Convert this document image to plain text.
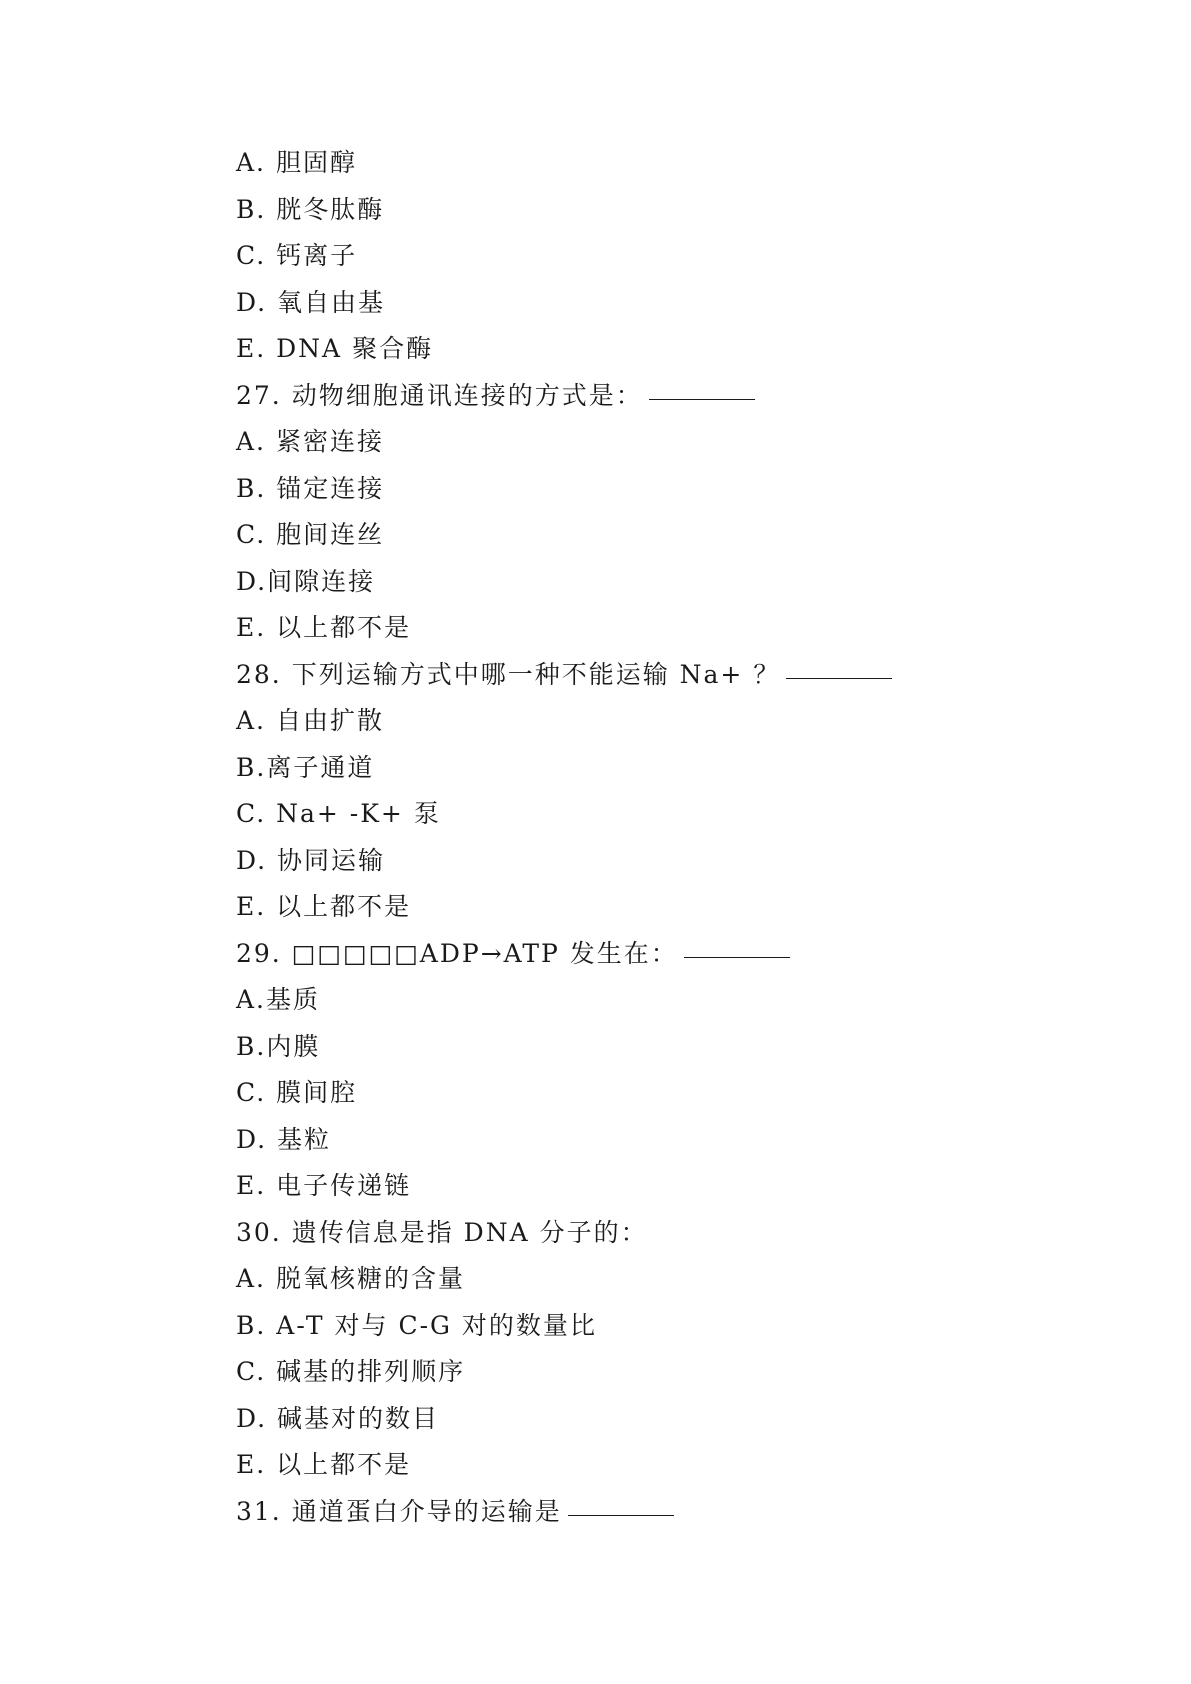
A. 胆固醇
B. 胱冬肽酶
C. 钙离子
D. 氧自由基
E. DNA 聚合酶
27. 动物细胞通讯连接的方式是：
A. 紧密连接
B. 锚定连接
C. 胞间连丝
D.间隙连接
E. 以上都不是
28. 下列运输方式中哪一种不能运输 Na+ ？
A. 自由扩散
B.离子通道
C. Na+ -K+ 泵
D. 协同运输
E. 以上都不是
29. □□□□□ADP→ATP 发生在：
A.基质
B.内膜
C. 膜间腔
D. 基粒
E. 电子传递链
30. 遗传信息是指 DNA 分子的：
A. 脱氧核糖的含量
B. A-T 对与 C-G 对的数量比
C. 碱基的排列顺序
D. 碱基对的数目
E. 以上都不是
31. 通道蛋白介导的运输是
